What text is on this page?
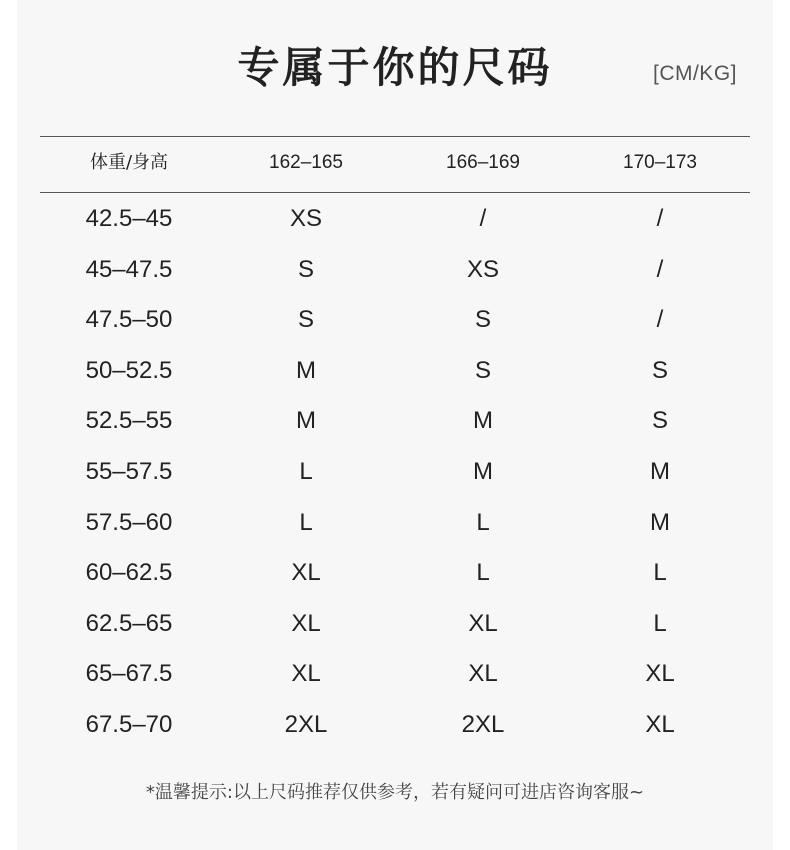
专属于你的尺码	[CM/KG]
体重/身高	162–165	166–169	170–173
42.5–45	XS	/	/
45–47.5	S	XS	/
47.5–50	S	S	/
50–52.5	M	S	S
52.5–55	M	M	S
55–57.5	L	M	M
57.5–60	L	L	M
60–62.5	XL	L	L
62.5–65	XL	XL	L
65–67.5	XL	XL	XL
67.5–70	2XL	2XL	XL
*温馨提示:以上尺码推荐仅供参考，若有疑问可进店咨询客服~
